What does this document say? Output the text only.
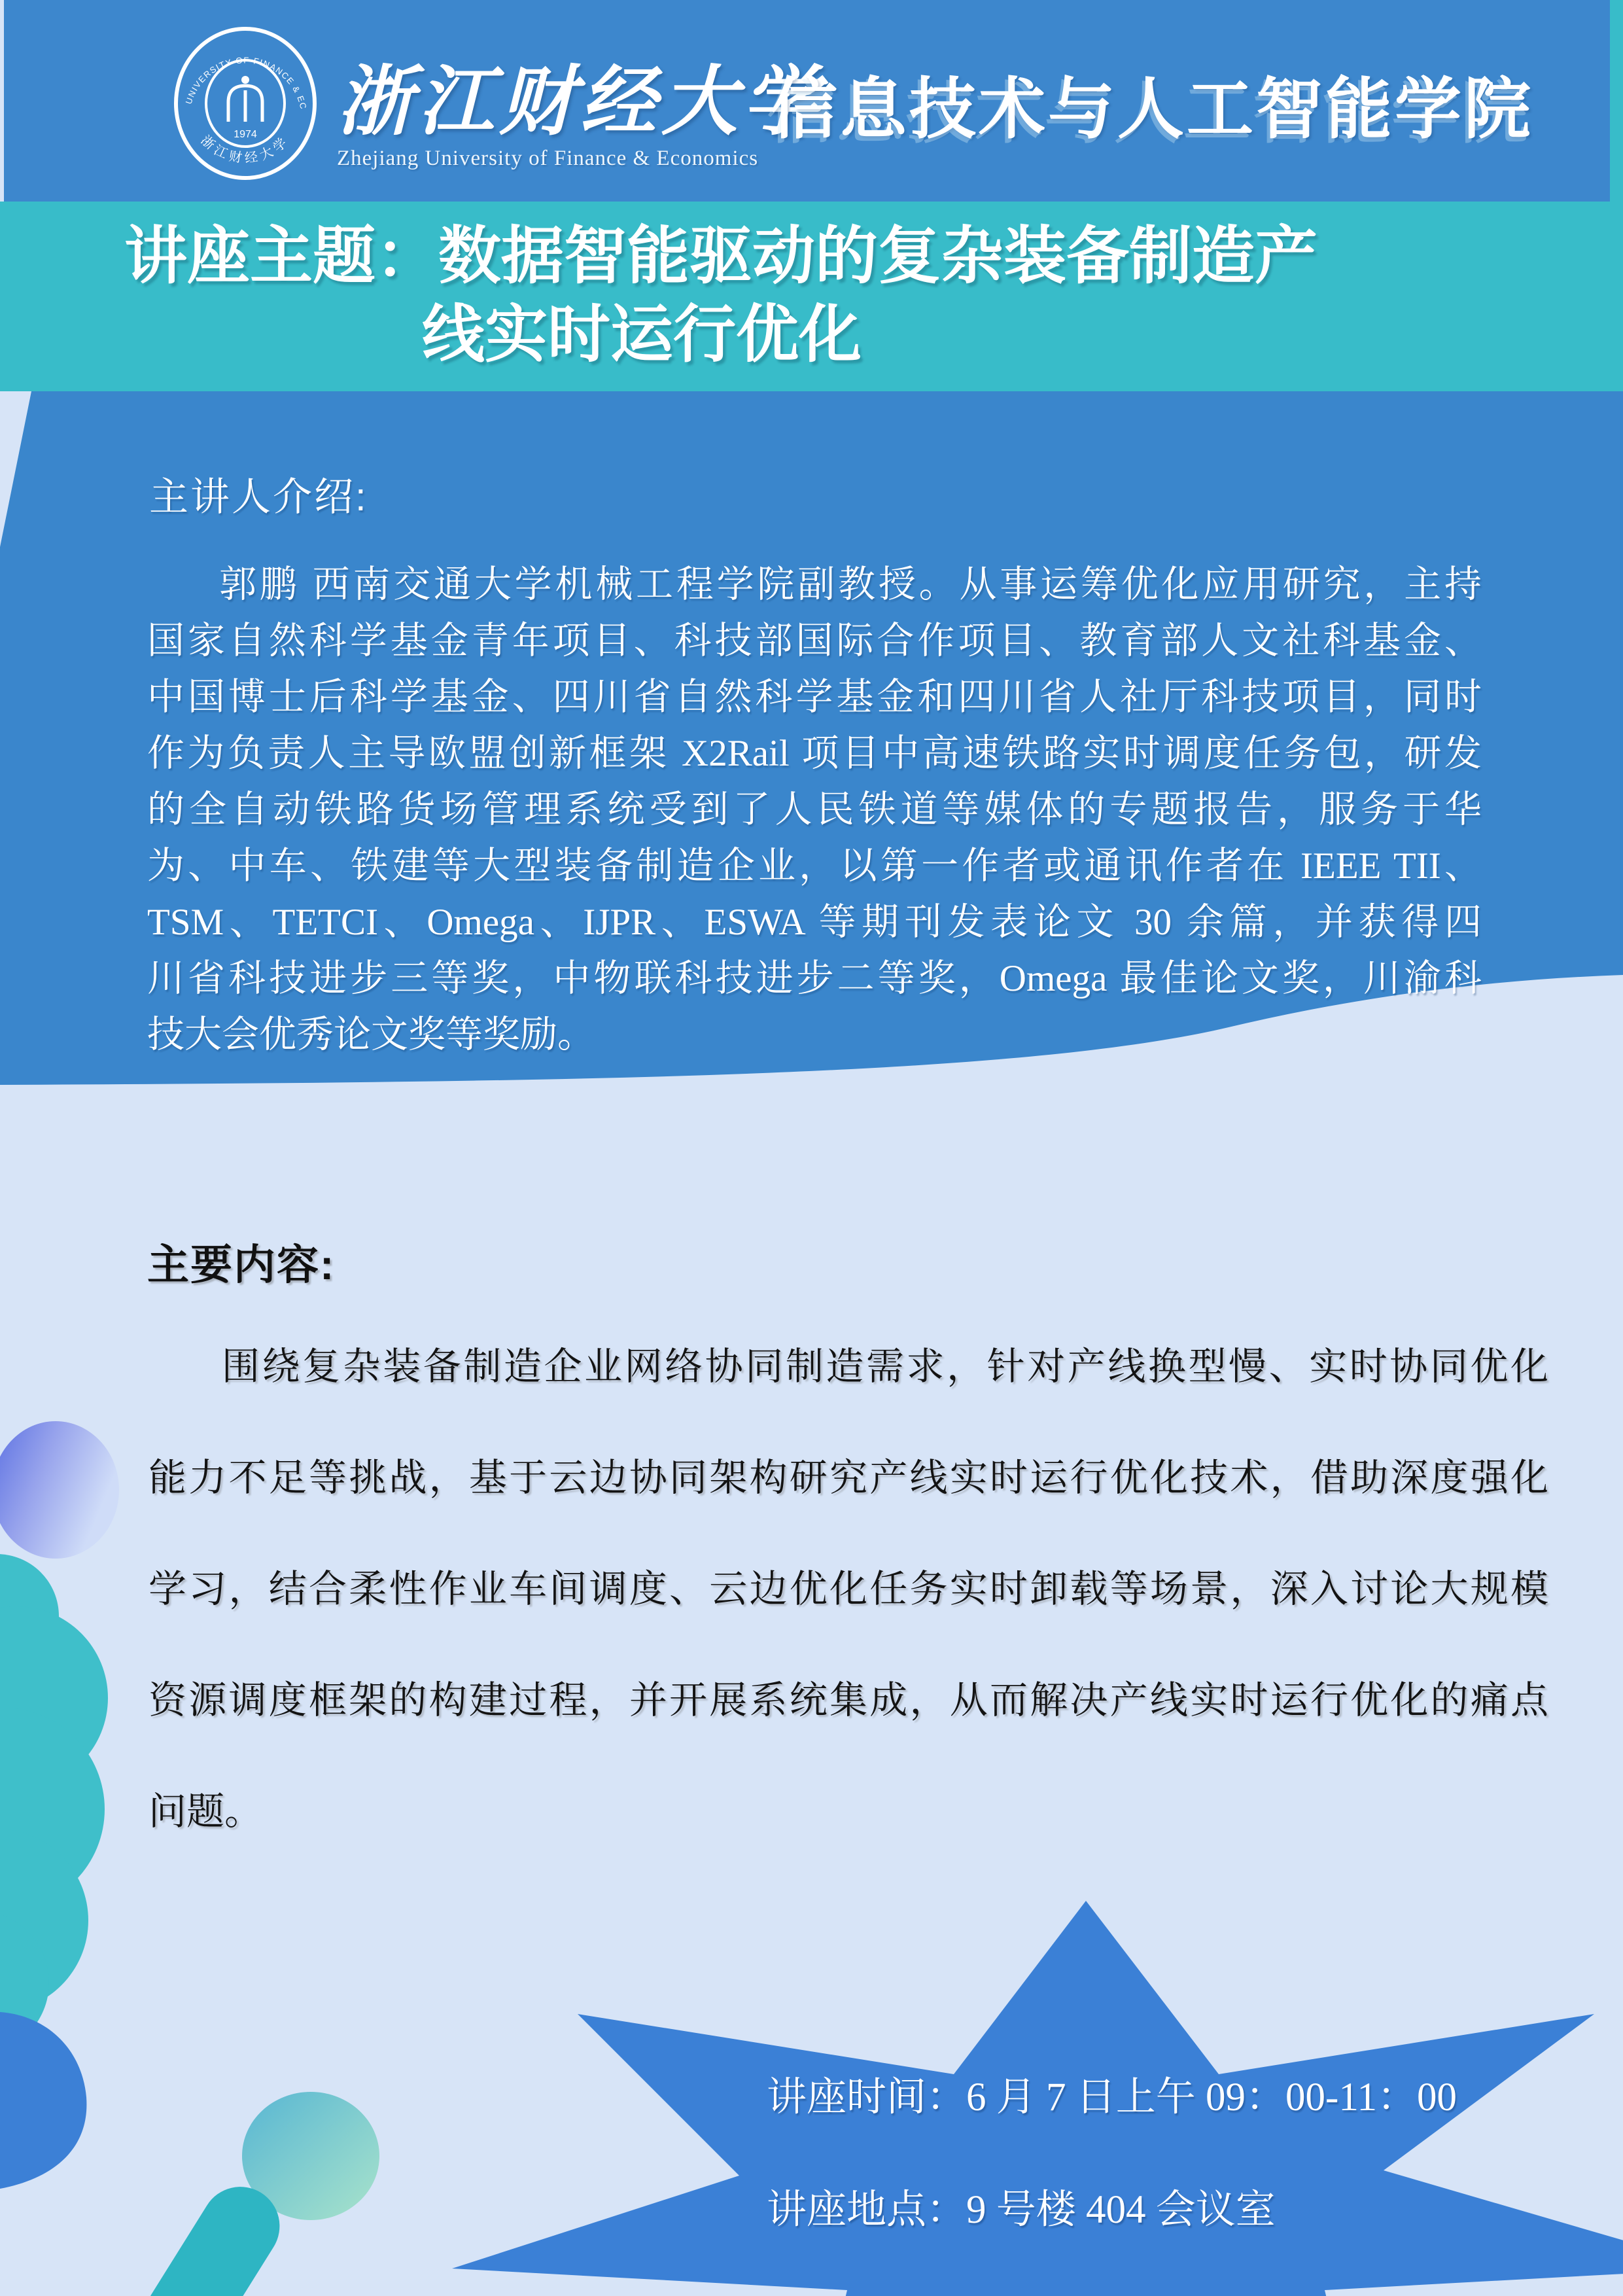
ZHEJIANG UNIVERSITY OF FINANCE & ECONOMICS
浙江财经大学
1974 浙江财经大学
Zhejiang University of Finance & Economics
信息技术与人工智能学院
讲座主题：数据智能驱动的复杂装备制造产
线实时运行优化
主讲人介绍:
郭鹏 西南交通大学机械工程学院副教授。从事运筹优化应用研究，主持
国家自然科学基金青年项目、科技部国际合作项目、教育部人文社科基金、
中国博士后科学基金、四川省自然科学基金和四川省人社厅科技项目，同时
作为负责人主导欧盟创新框架 X2Rail 项目中高速铁路实时调度任务包，研发
的全自动铁路货场管理系统受到了人民铁道等媒体的专题报告，服务于华
为、中车、铁建等大型装备制造企业，以第一作者或通讯作者在 IEEE TII、
TSM、TETCI、Omega、IJPR、ESWA 等期刊发表论文 30 余篇，并获得四
川省科技进步三等奖，中物联科技进步二等奖，Omega 最佳论文奖，川渝科
技大会优秀论文奖等奖励。
主要内容:
围绕复杂装备制造企业网络协同制造需求，针对产线换型慢、实时协同优化
能力不足等挑战，基于云边协同架构研究产线实时运行优化技术，借助深度强化
学习，结合柔性作业车间调度、云边优化任务实时卸载等场景，深入讨论大规模
资源调度框架的构建过程，并开展系统集成，从而解决产线实时运行优化的痛点
问题。
讲座时间：6 月 7 日上午 09：00-11：00
讲座地点：9 号楼 404 会议室
